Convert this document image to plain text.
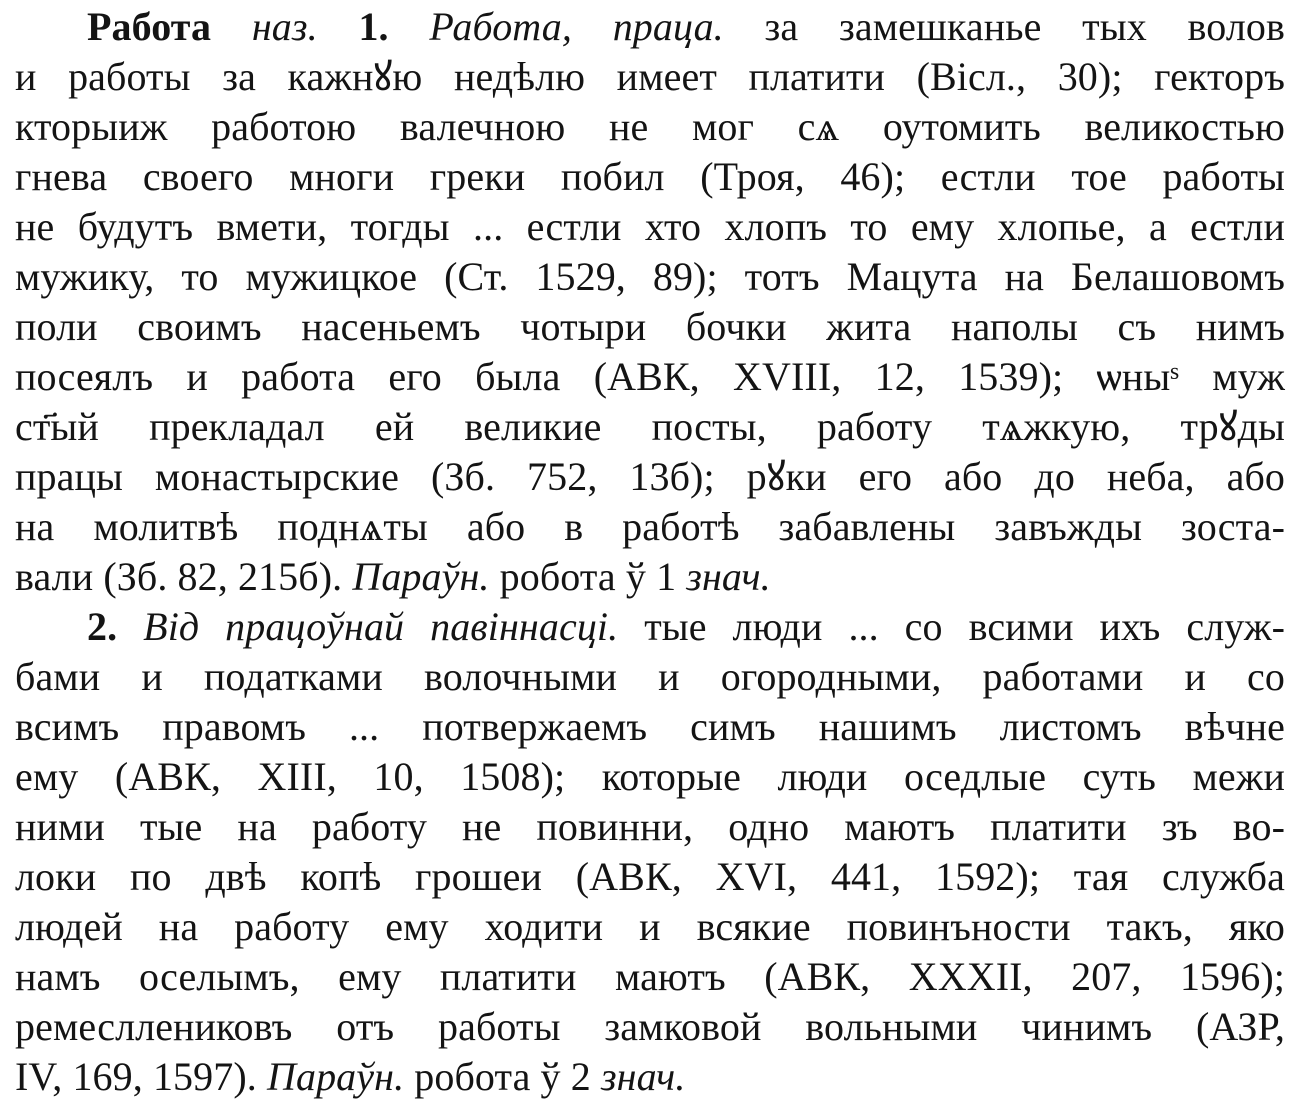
Работа наз. 1. Работа, праца. за замешканье тых волов
и работы за кажнꙋю недѣлю имеет платити (Вісл., 30); гекторъ
кторыиж работою валечною не мог сѧ оутомить великостью
гнева своего многи греки побил (Троя, 46); естли тое работы
не будутъ вмети, тогды ... естли хто хлопъ то ему хлопье, а естли
мужику, то мужицкое (Ст. 1529, 89); тотъ Мацута на Белашовомъ
поли своимъ насеньемъ чотыри бочки жита наполы съ нимъ
посеялъ и работа его была (АВК, XVIII, 12, 1539); ѡныˢ муж
ст҃ый прекладал ей великие посты, работу тѧжкую, трꙋды
працы монастырские (Зб. 752, 13б); рꙋки его або до неба, або
на молитвѣ поднѧты або в работѣ забавлены завъжды зоста-
вали (Зб. 82, 215б). Параўн. робота ў 1 знач.
2. Від працоўнай павіннасці. тые люди ... со всими ихъ служ-
бами и податками волочными и огородными, работами и со
всимъ правомъ ... потвержаемъ симъ нашимъ листомъ вѣчне
ему (АВК, XIII, 10, 1508); которые люди оседлые суть межи
ними тые на работу не повинни, одно маютъ платити зъ во-
локи по двѣ копѣ грошеи (АВК, XVI, 441, 1592); тая служба
людей на работу ему ходити и всякие повинъности такъ, яко
намъ оселымъ, ему платити маютъ (АВК, XXXII, 207, 1596);
ремесллениковъ отъ работы замковой вольными чинимъ (АЗР,
IV, 169, 1597). Параўн. робота ў 2 знач.
